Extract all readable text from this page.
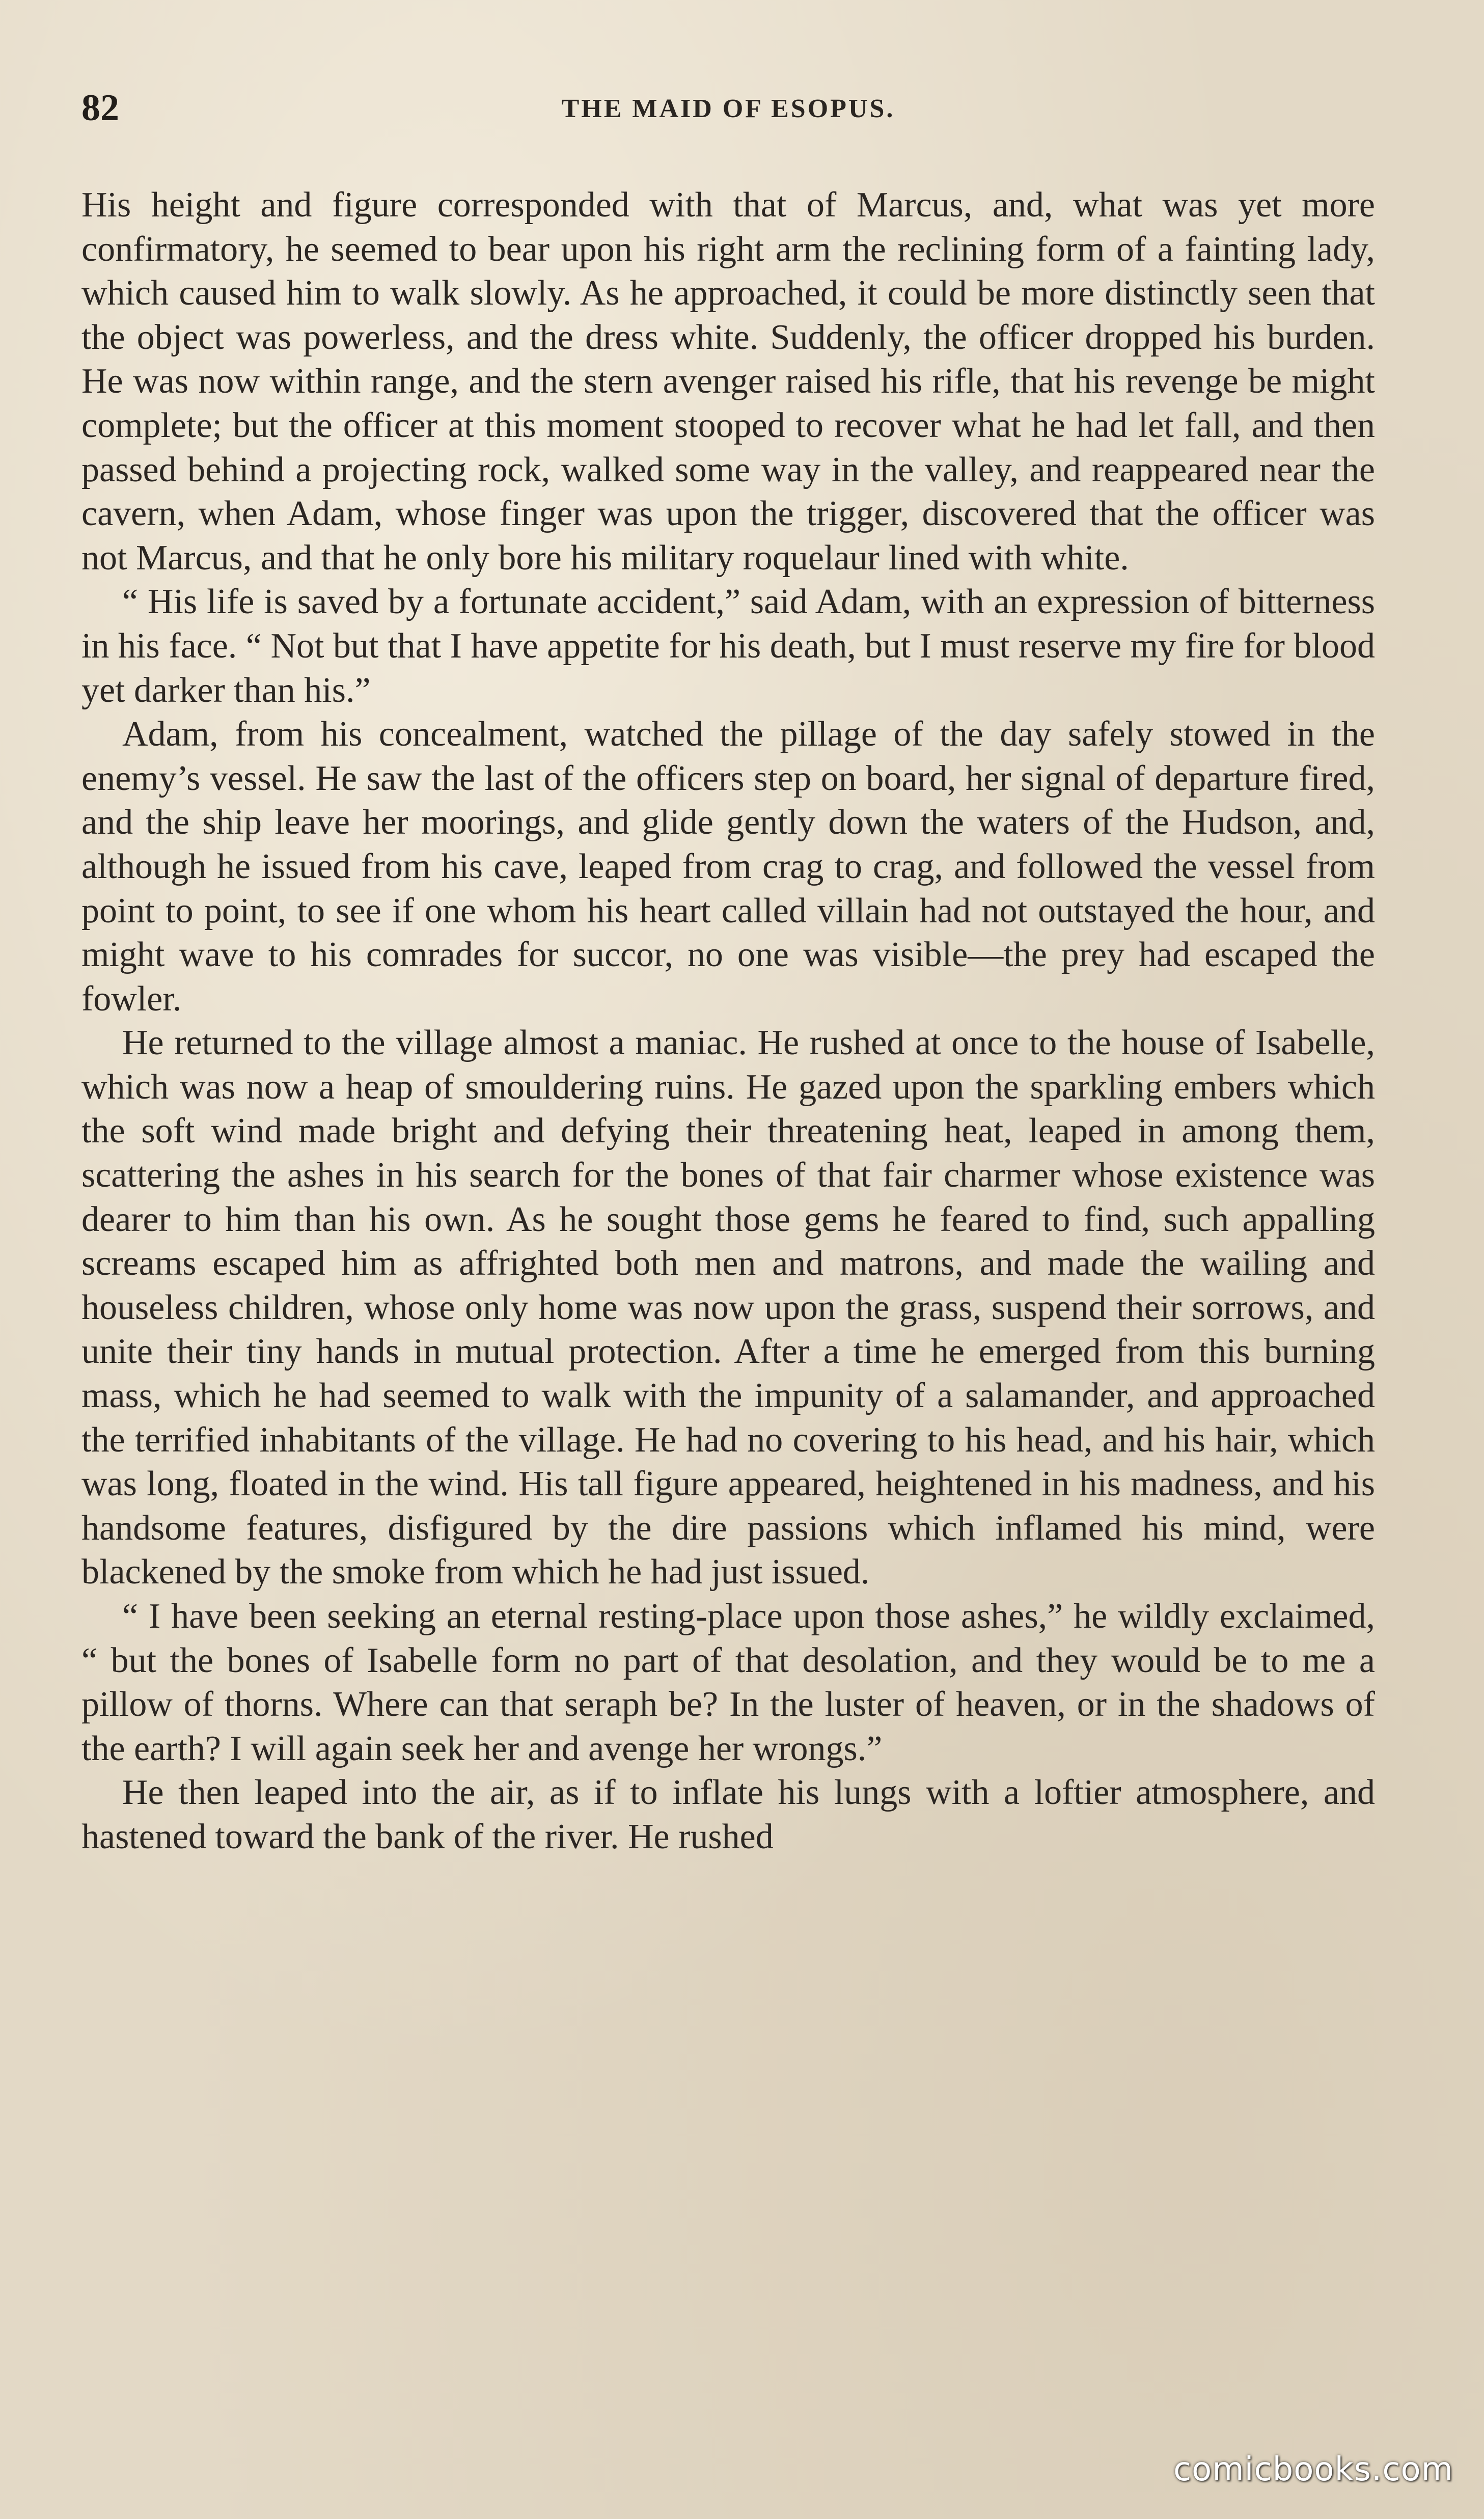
82	THE MAID OF ESOPUS.

His height and figure corresponded with that of Marcus, and, what was yet more confirmatory, he seemed to bear upon his right arm the reclining form of a fainting lady, which caused him to walk slowly. As he approached, it could be more distinctly seen that the object was powerless, and the dress white. Suddenly, the officer dropped his burden. He was now within range, and the stern avenger raised his rifle, that his revenge be might complete; but the officer at this moment stooped to recover what he had let fall, and then passed behind a projecting rock, walked some way in the valley, and reappeared near the cavern, when Adam, whose finger was upon the trigger, discovered that the officer was not Marcus, and that he only bore his military roquelaur lined with white.

“ His life is saved by a fortunate accident,” said Adam, with an expression of bitterness in his face. “ Not but that I have appetite for his death, but I must reserve my fire for blood yet darker than his.”

Adam, from his concealment, watched the pillage of the day safely stowed in the enemy’s vessel. He saw the last of the officers step on board, her signal of departure fired, and the ship leave her moorings, and glide gently down the waters of the Hudson, and, although he issued from his cave, leaped from crag to crag, and followed the vessel from point to point, to see if one whom his heart called villain had not outstayed the hour, and might wave to his comrades for succor, no one was visible—the prey had escaped the fowler.

He returned to the village almost a maniac. He rushed at once to the house of Isabelle, which was now a heap of smouldering ruins. He gazed upon the sparkling embers which the soft wind made bright and defying their threatening heat, leaped in among them, scattering the ashes in his search for the bones of that fair charmer whose existence was dearer to him than his own. As he sought those gems he feared to find, such appalling screams escaped him as affrighted both men and matrons, and made the wailing and houseless children, whose only home was now upon the grass, suspend their sorrows, and unite their tiny hands in mutual protection. After a time he emerged from this burning mass, which he had seemed to walk with the impunity of a salamander, and approached the terrified inhabitants of the village. He had no covering to his head, and his hair, which was long, floated in the wind. His tall figure appeared, heightened in his madness, and his handsome features, disfigured by the dire passions which inflamed his mind, were blackened by the smoke from which he had just issued.

“ I have been seeking an eternal resting-place upon those ashes,” he wildly exclaimed, “ but the bones of Isabelle form no part of that desolation, and they would be to me a pillow of thorns. Where can that seraph be? In the luster of heaven, or in the shadows of the earth? I will again seek her and avenge her wrongs.”

He then leaped into the air, as if to inflate his lungs with a loftier atmosphere, and hastened toward the bank of the river. He rushed

comicbooks.com
